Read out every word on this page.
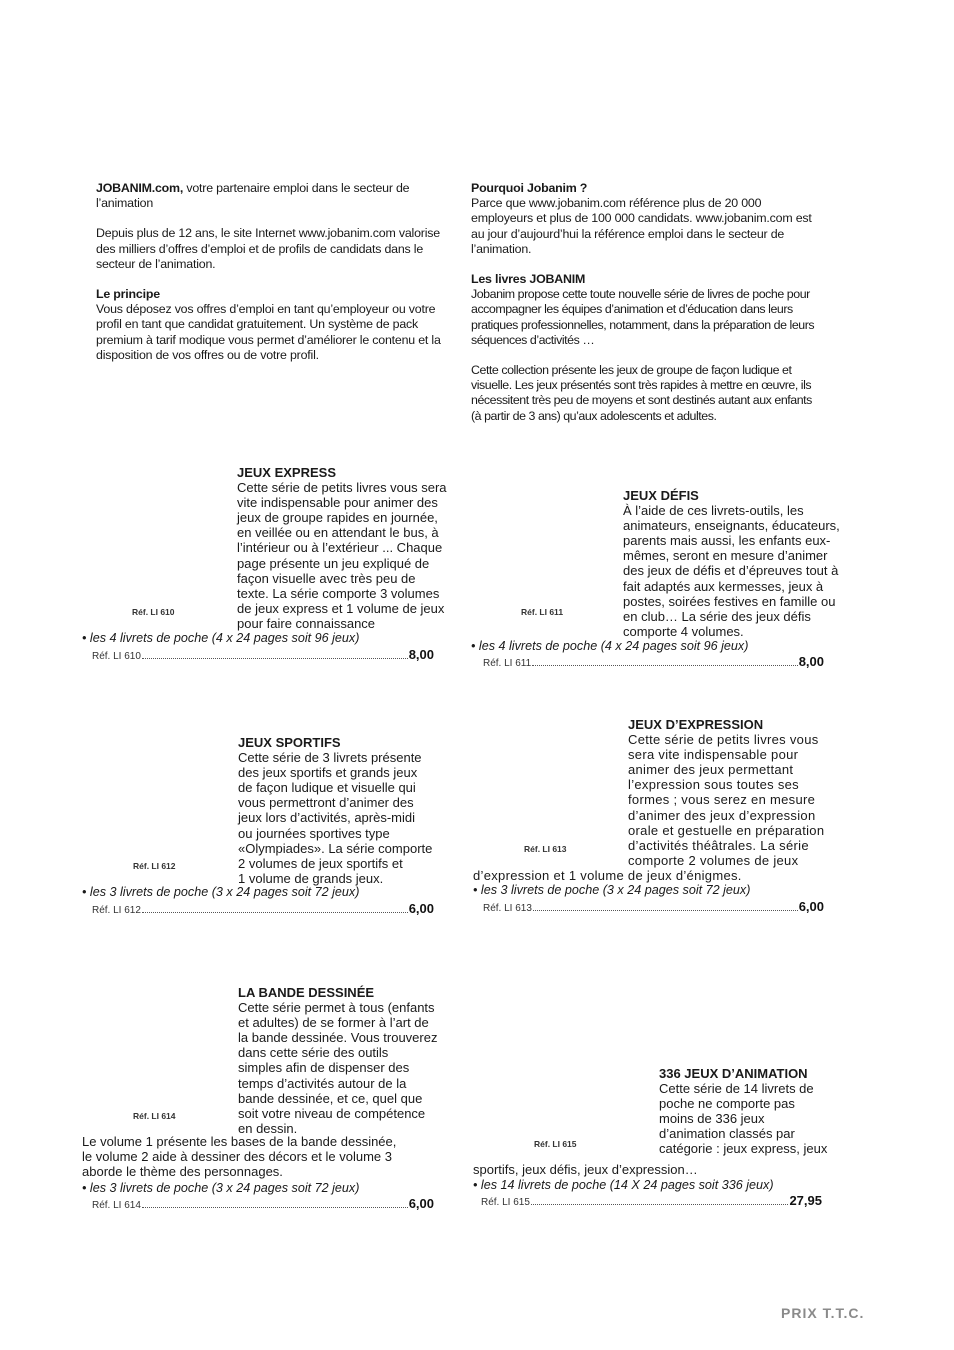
JOBANIM.com, votre partenaire emploi dans le secteur de l’animation

Depuis plus de 12 ans, le site Internet www.jobanim.com valorise des milliers d’offres d’emploi et de profils de candidats dans le secteur de l’animation.

Le principe

Vous déposez vos offres d’emploi en tant qu’employeur ou votre profil en tant que candidat gratuitement. Un système de pack premium à tarif modique vous permet d’améliorer le contenu et la disposition de vos offres ou de votre profil.

Pourquoi Jobanim ?

Parce que www.jobanim.com référence plus de 20 000 employeurs et plus de 100 000 candidats. www.jobanim.com est au jour d’aujourd’hui la référence emploi dans le secteur de l’animation.

Les livres JOBANIM

Jobanim propose cette toute nouvelle série de livres de poche pour accompagner les équipes d’animation et d’éducation dans leurs pratiques professionnelles, notamment, dans la préparation de leurs séquences d’activités …

Cette collection présente les jeux de groupe de façon ludique et visuelle. Les jeux présentés sont très rapides à mettre en œuvre, ils nécessitent très peu de moyens et sont destinés autant aux enfants (à partir de 3 ans) qu’aux adolescents et adultes.

JEUX EXPRESS
Cette série de petits livres vous sera
vite indispensable pour animer des
jeux de groupe rapides en journée,
en veillée ou en attendant le bus, à
l’intérieur ou à l’extérieur ... Chaque
page présente un jeu expliqué de
façon visuelle avec très peu de
texte. La série comporte 3 volumes
de jeux express et 1 volume de jeux
pour faire connaissance
Réf. LI 610
• les 4 livrets de poche (4 x 24 pages soit 96 jeux)
Réf. LI 610	8,00
JEUX DÉFIS
À l’aide de ces livrets-outils, les
animateurs, enseignants, éducateurs,
parents mais aussi, les enfants eux-
mêmes, seront en mesure d’animer
des jeux de défis et d’épreuves tout à
fait adaptés aux kermesses, jeux à
postes, soirées festives en famille ou
en club… La série des jeux défis
comporte 4 volumes.
Réf. LI 611
• les 4 livrets de poche (4 x 24 pages soit 96 jeux)
Réf. LI 611	8,00
JEUX SPORTIFS
Cette série de 3 livrets présente
des jeux sportifs et grands jeux
de façon ludique et visuelle qui
vous permettront d’animer des
jeux lors d’activités, après-midi
ou journées sportives type
«Olympiades». La série comporte
2 volumes de jeux sportifs et
1 volume de grands jeux.
Réf. LI 612
• les 3 livrets de poche (3 x 24 pages soit 72 jeux)
Réf. LI 612	6,00
JEUX D’EXPRESSION
Cette série de petits livres vous
sera vite indispensable pour
animer des jeux permettant
l’expression sous toutes ses
formes ; vous serez en mesure
d’animer des jeux d’expression
orale et gestuelle en préparation
d’activités théâtrales. La série
comporte 2 volumes de jeux
d’expression et 1 volume de jeux d’énigmes.
Réf. LI 613
• les 3 livrets de poche (3 x 24 pages soit 72 jeux)
Réf. LI 613	6,00
LA BANDE DESSINÉE
Cette série permet à tous (enfants
et adultes) de se former à l’art de
la bande dessinée. Vous trouverez
dans cette série des outils
simples afin de dispenser des
temps d’activités autour de la
bande dessinée, et ce, quel que
soit votre niveau de compétence
en dessin.
Le volume 1 présente les bases de la bande dessinée,
le volume 2 aide à dessiner des décors et le volume 3
aborde le thème des personnages.
Réf. LI 614
• les 3 livrets de poche (3 x 24 pages soit 72 jeux)
Réf. LI 614	6,00
336 JEUX D’ANIMATION
Cette série de 14 livrets de
poche ne comporte pas
moins de 336 jeux
d’animation classés par
catégorie : jeux express, jeux
sportifs, jeux défis, jeux d’expression…
Réf. LI 615
• les 14 livrets de poche (14 X 24 pages soit 336 jeux)
Réf. LI 615	27,95
PRIX T.T.C.
